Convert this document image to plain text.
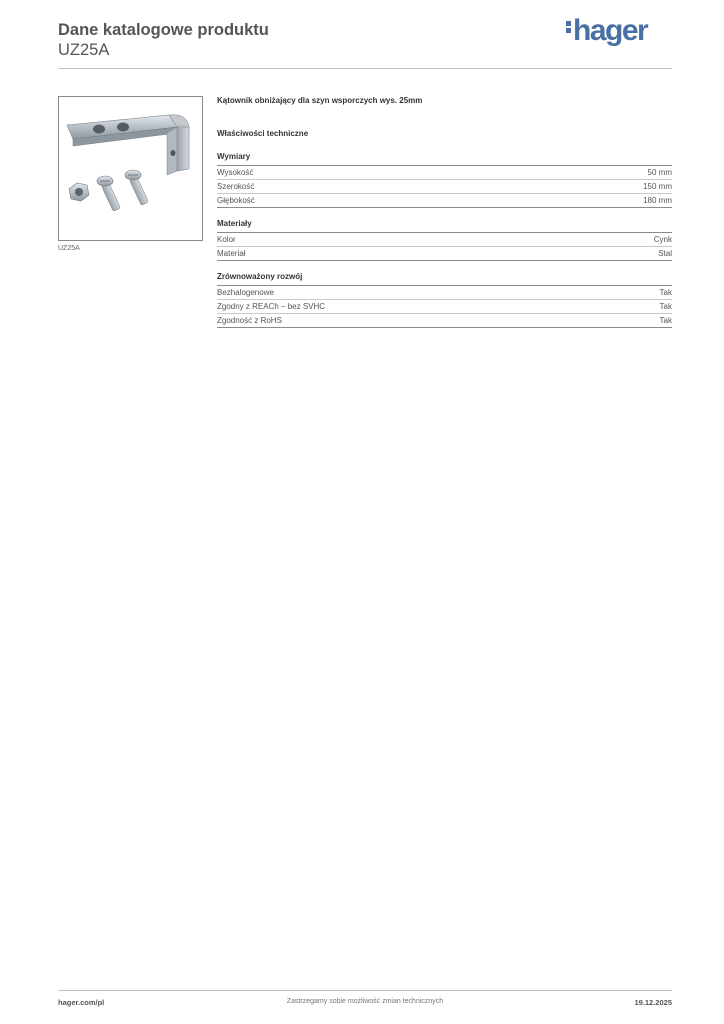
Dane katalogowe produktu
UZ25A
hager
UZ25A
Kątownik obniżający dla szyn wsporczych wys. 25mm
Właściwości techniczne
Wymiary
Wysokość	50 mm
Szerokość	150 mm
Głębokość	180 mm
Materiały
Kolor	Cynk
Materiał	Stal
Zrównoważony rozwój
Bezhalogenowe	Tak
Zgodny z REACh – bez SVHC	Tak
Zgodność z RoHS	Tak
hager.com/pl	Zastrzegamy sobie możliwość zmian technicznych	19.12.2025
